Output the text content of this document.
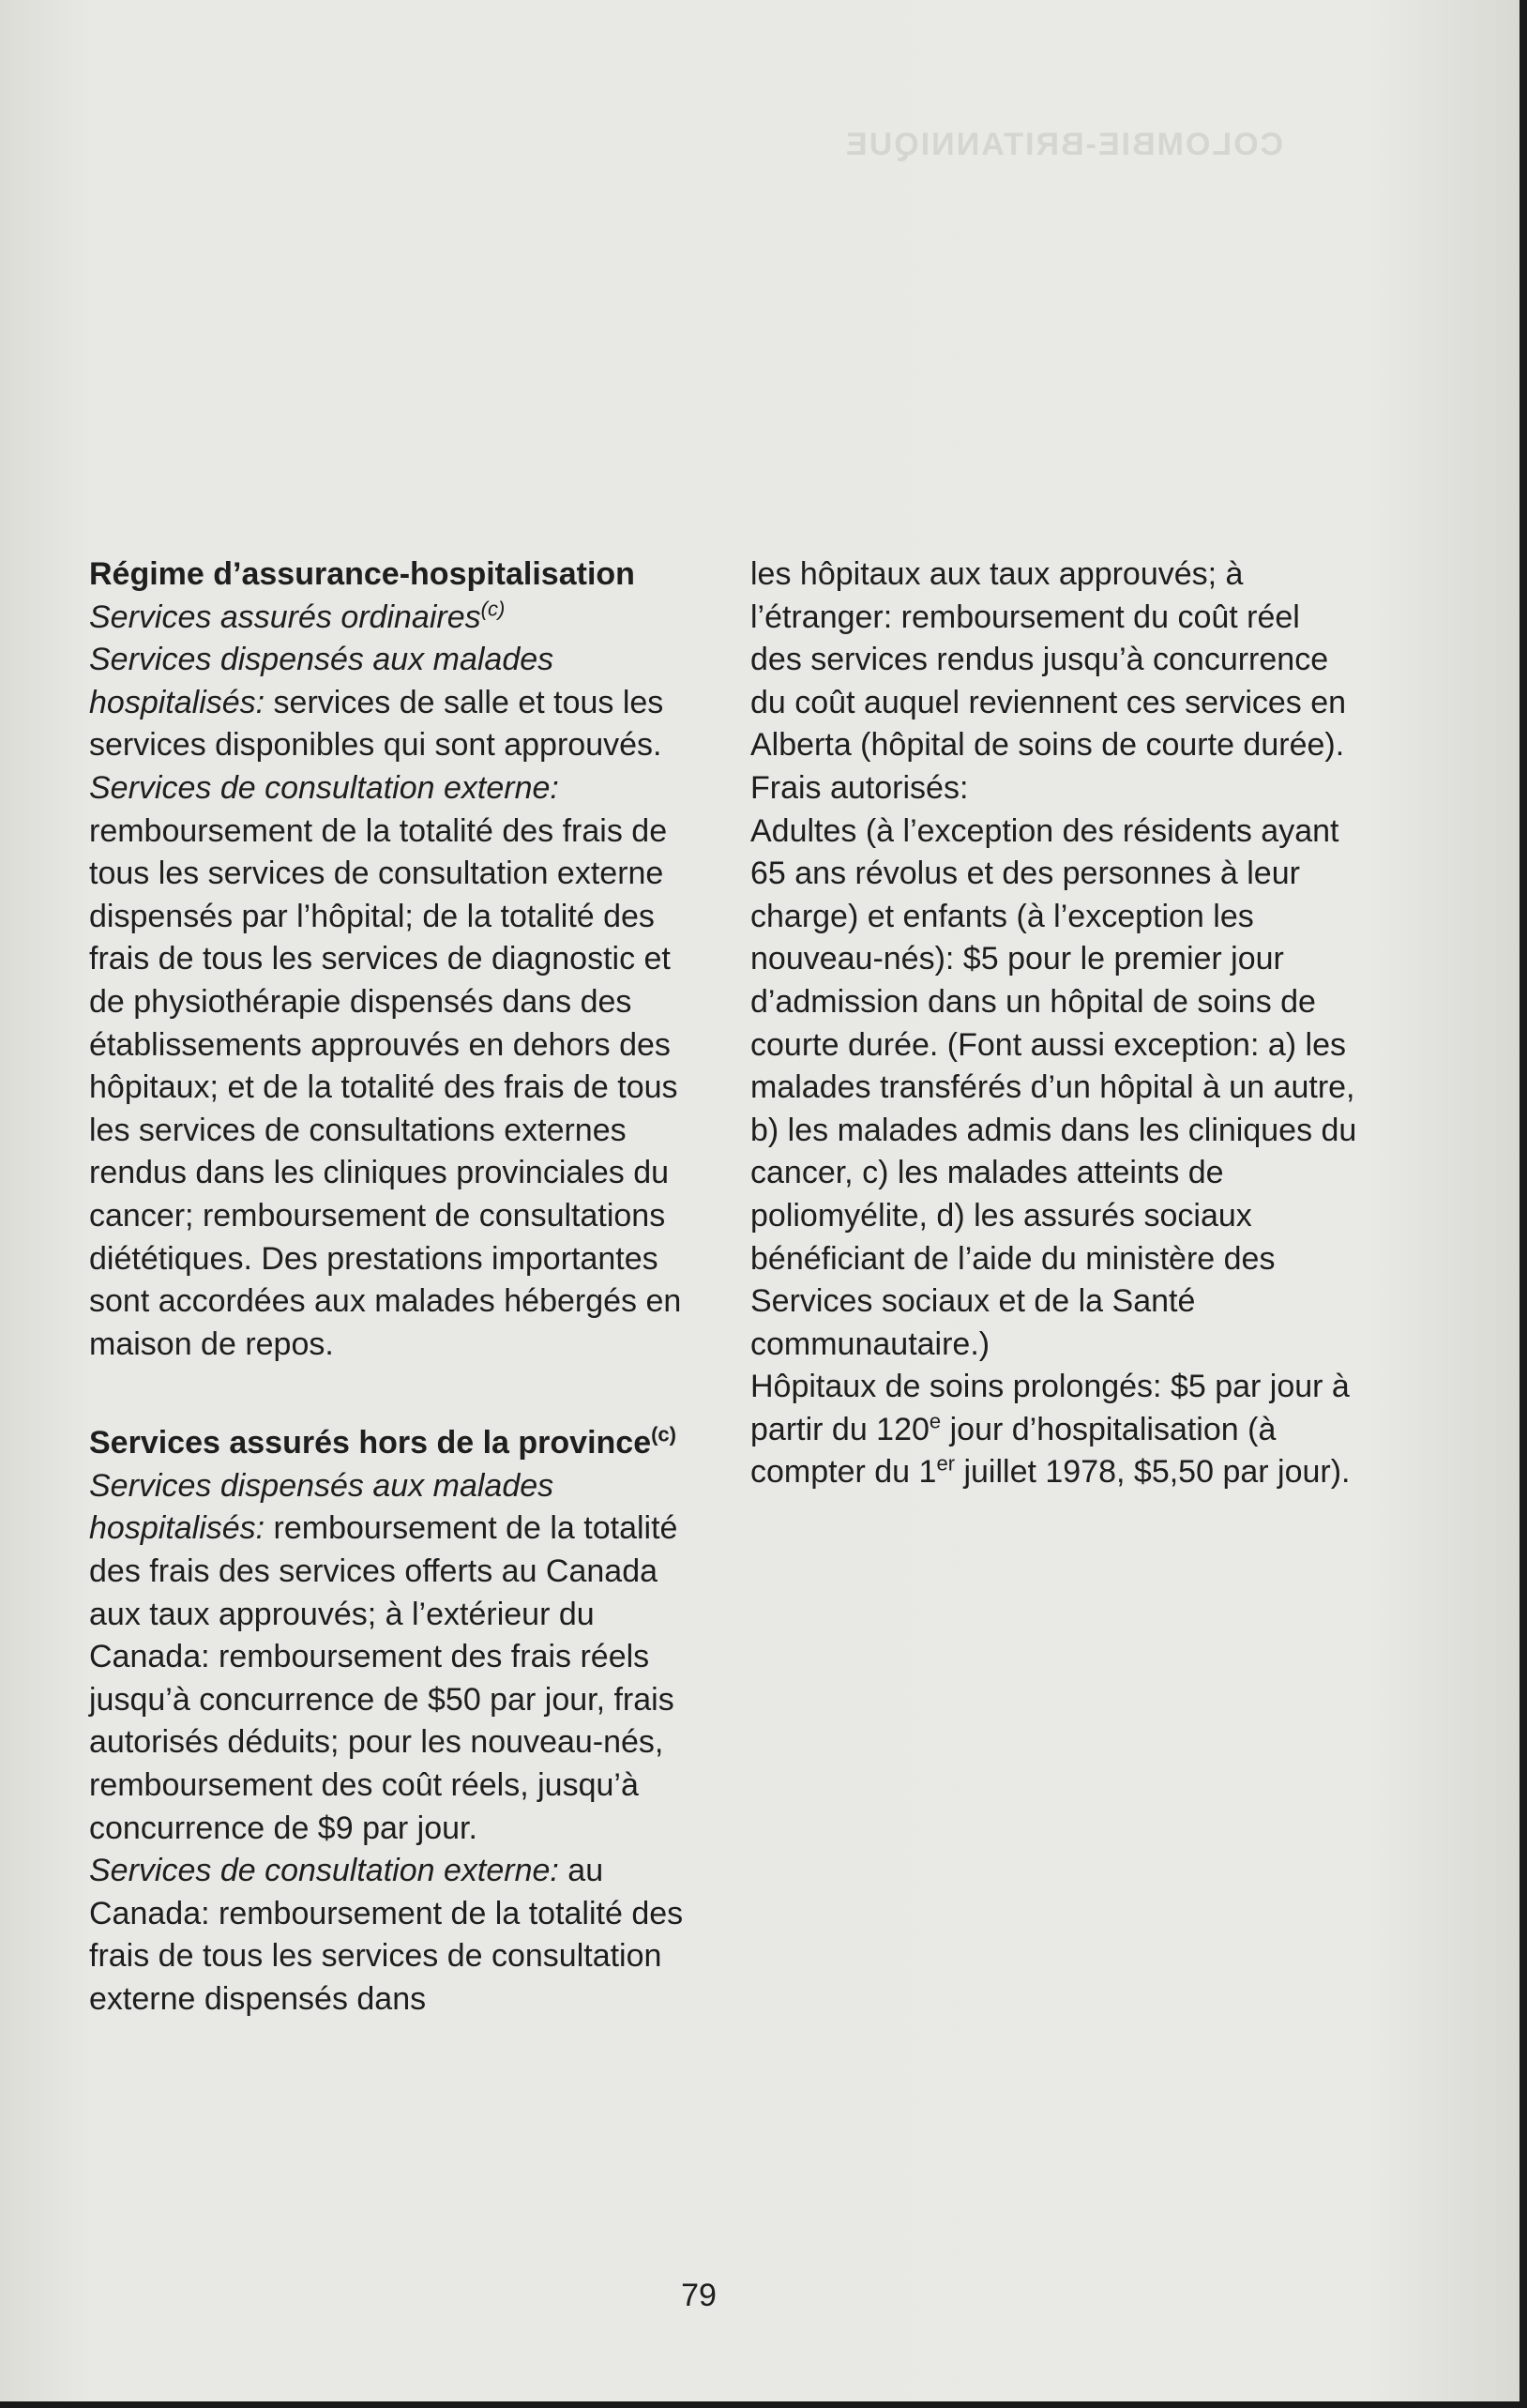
COLOMBIE-BRITANNIQUE

Régime d’assurance-hospitalisation

Services assurés ordinaires$^{(c)}$

Services dispensés aux malades hospitalisés: services de salle et tous les services disponibles qui sont approuvés.

Services de consultation externe: remboursement de la totalité des frais de tous les services de consultation externe dispensés par l’hôpital; de la totalité des frais de tous les services de diagnostic et de physiothérapie dispensés dans des établissements approuvés en dehors des hôpitaux; et de la totalité des frais de tous les services de consultations externes rendus dans les cliniques provinciales du cancer; remboursement de consultations diététiques. Des prestations importantes sont accordées aux malades hébergés en maison de repos.

Services assurés hors de la province$^{(c)}$

Services dispensés aux malades hospitalisés: remboursement de la totalité des frais des services offerts au Canada aux taux approuvés; à l’extérieur du Canada: remboursement des frais réels jusqu’à concurrence de $50 par jour, frais autorisés déduits; pour les nouveau-nés, remboursement des coût réels, jusqu’à concurrence de $9 par jour.

Services de consultation externe: au Canada: remboursement de la totalité des frais de tous les services de consultation externe dispensés dans

les hôpitaux aux taux approuvés; à l’étranger: remboursement du coût réel des services rendus jusqu’à concurrence du coût auquel reviennent ces services en Alberta (hôpital de soins de courte durée).

Frais autorisés:

Adultes (à l’exception des résidents ayant 65 ans révolus et des personnes à leur charge) et enfants (à l’exception les nouveau-nés): $5 pour le premier jour d’admission dans un hôpital de soins de courte durée. (Font aussi exception: a) les malades transférés d’un hôpital à un autre, b) les malades admis dans les cliniques du cancer, c) les malades atteints de poliomyélite, d) les assurés sociaux bénéficiant de l’aide du ministère des Services sociaux et de la Santé communautaire.)

Hôpitaux de soins prolongés: $5 par jour à partir du 120e jour d’hospitalisation (à compter du 1er juillet 1978, $5,50 par jour).

79
